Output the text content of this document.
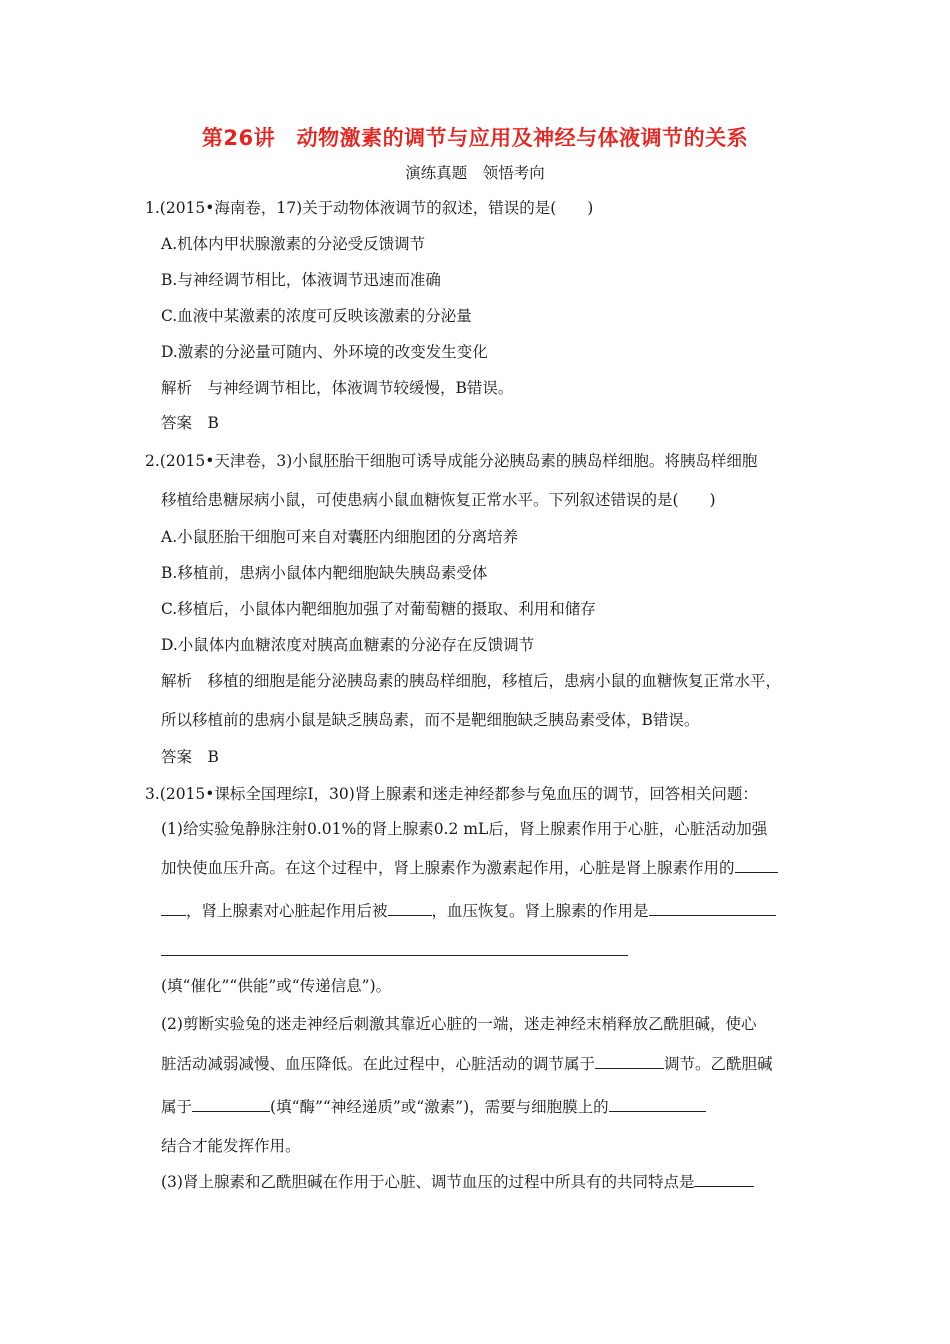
第26讲　动物激素的调节与应用及神经与体液调节的关系
演练真题　领悟考向
1.(2015•海南卷，17)关于动物体液调节的叙述，错误的是(　　)
A.机体内甲状腺激素的分泌受反馈调节
B.与神经调节相比，体液调节迅速而准确
C.血液中某激素的浓度可反映该激素的分泌量
D.激素的分泌量可随内、外环境的改变发生变化
解析　与神经调节相比，体液调节较缓慢，B错误。
答案　B
2.(2015•天津卷，3)小鼠胚胎干细胞可诱导成能分泌胰岛素的胰岛样细胞。将胰岛样细胞
移植给患糖尿病小鼠，可使患病小鼠血糖恢复正常水平。下列叙述错误的是(　　)
A.小鼠胚胎干细胞可来自对囊胚内细胞团的分离培养
B.移植前，患病小鼠体内靶细胞缺失胰岛素受体
C.移植后，小鼠体内靶细胞加强了对葡萄糖的摄取、利用和储存
D.小鼠体内血糖浓度对胰高血糖素的分泌存在反馈调节
解析　移植的细胞是能分泌胰岛素的胰岛样细胞，移植后，患病小鼠的血糖恢复正常水平，
所以移植前的患病小鼠是缺乏胰岛素，而不是靶细胞缺乏胰岛素受体，B错误。
答案　B
3.(2015•课标全国理综Ⅰ，30)肾上腺素和迷走神经都参与兔血压的调节，回答相关问题：
(1)给实验兔静脉注射0.01%的肾上腺素0.2 mL后，肾上腺素作用于心脏，心脏活动加强
加快使血压升高。在这个过程中，肾上腺素作为激素起作用，心脏是肾上腺素作用的
，肾上腺素对心脏起作用后被	，血压恢复。肾上腺素的作用是
(填“催化”“供能”或“传递信息”)。
(2)剪断实验兔的迷走神经后刺激其靠近心脏的一端，迷走神经末梢释放乙酰胆碱，使心
脏活动减弱减慢、血压降低。在此过程中，心脏活动的调节属于	调节。乙酰胆碱
属于	(填“酶”“神经递质”或“激素”)，需要与细胞膜上的
结合才能发挥作用。
(3)肾上腺素和乙酰胆碱在作用于心脏、调节血压的过程中所具有的共同特点是
